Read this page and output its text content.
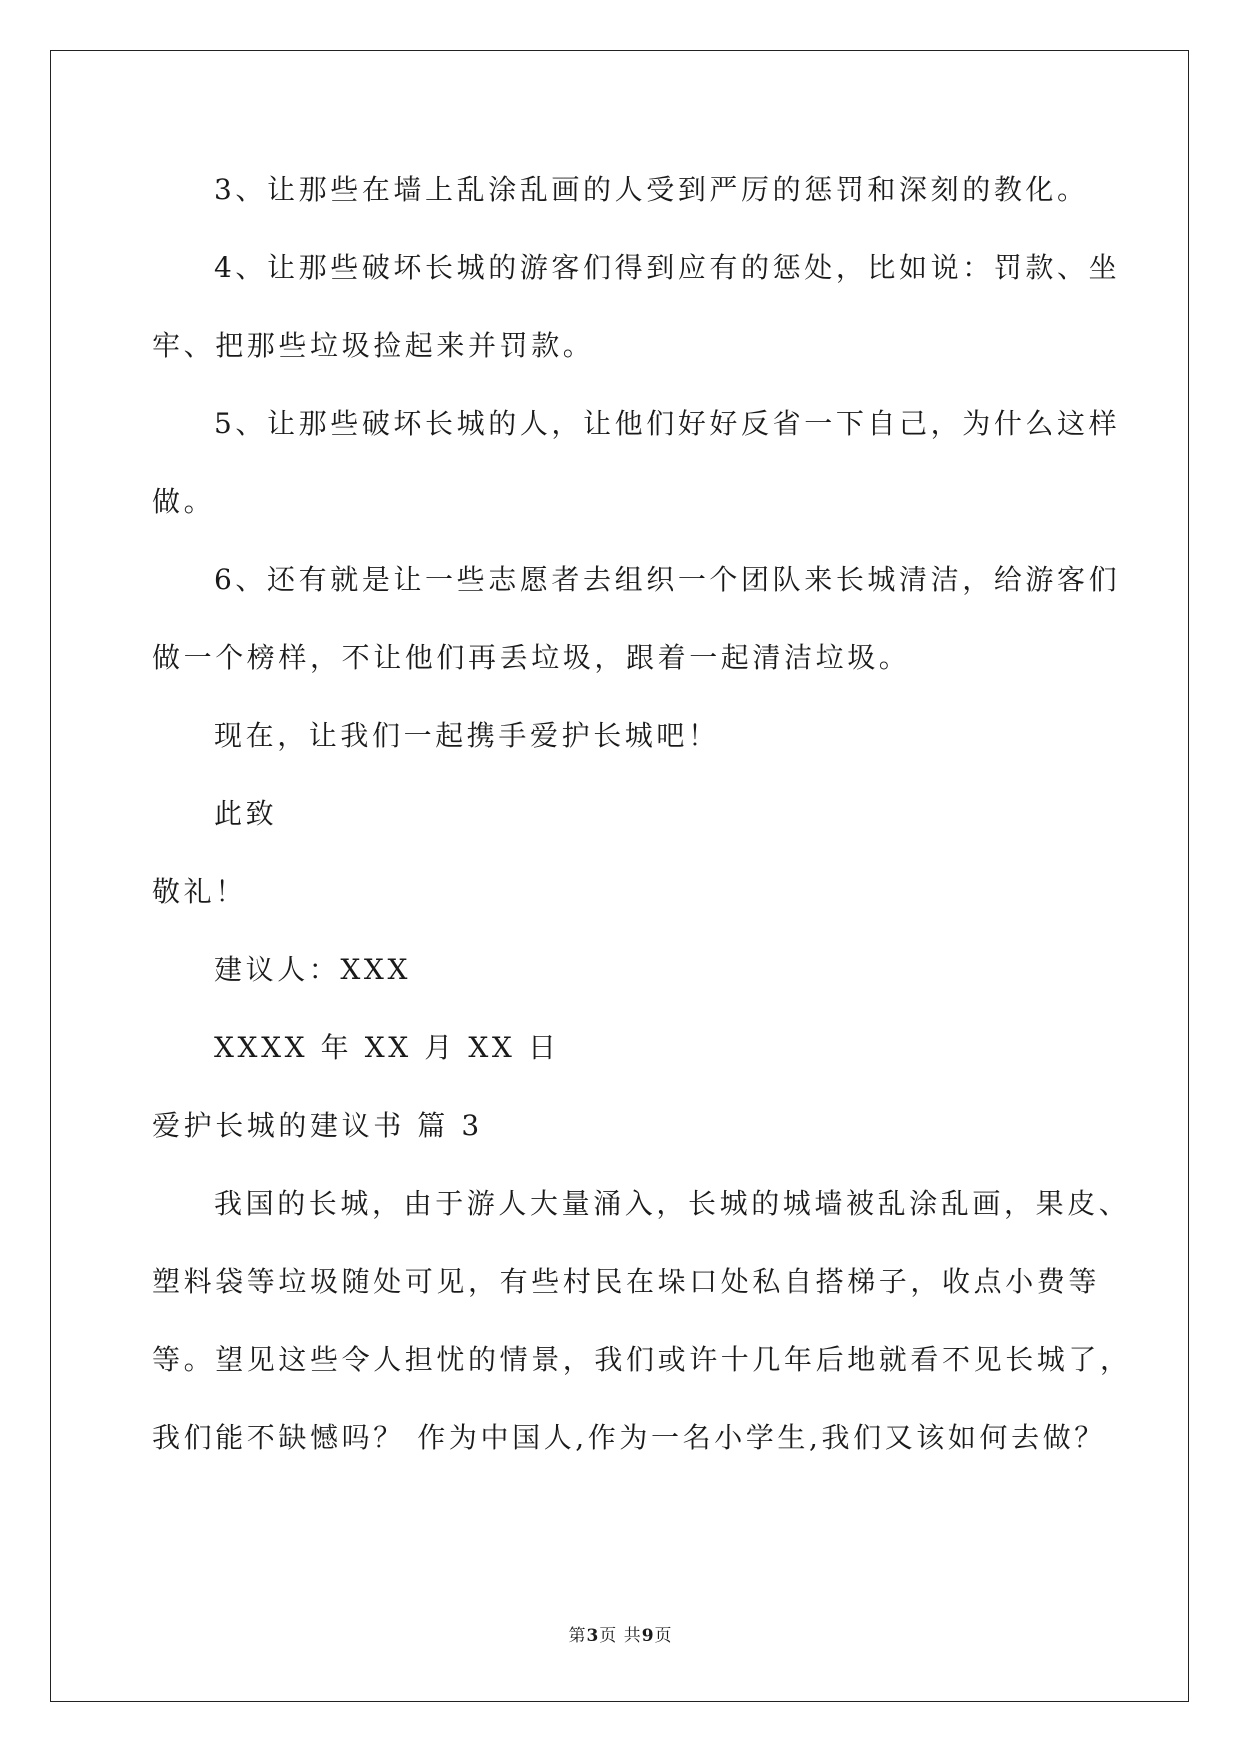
3、让那些在墙上乱涂乱画的人受到严厉的惩罚和深刻的教化。
4、让那些破坏长城的游客们得到应有的惩处，比如说：罚款、坐
牢、把那些垃圾捡起来并罚款。
5、让那些破坏长城的人，让他们好好反省一下自己，为什么这样
做。
6、还有就是让一些志愿者去组织一个团队来长城清洁，给游客们
做一个榜样，不让他们再丢垃圾，跟着一起清洁垃圾。
现在，让我们一起携手爱护长城吧！
此致
敬礼！
建议人：XXX
XXXX 年 XX 月 XX 日
爱护长城的建议书 篇 3
我国的长城，由于游人大量涌入，长城的城墙被乱涂乱画，果皮、
塑料袋等垃圾随处可见，有些村民在垛口处私自搭梯子，收点小费等
等。望见这些令人担忧的情景，我们或许十几年后地就看不见长城了，
我们能不缺憾吗？ 作为中国人,作为一名小学生,我们又该如何去做？
第3页 共9页
